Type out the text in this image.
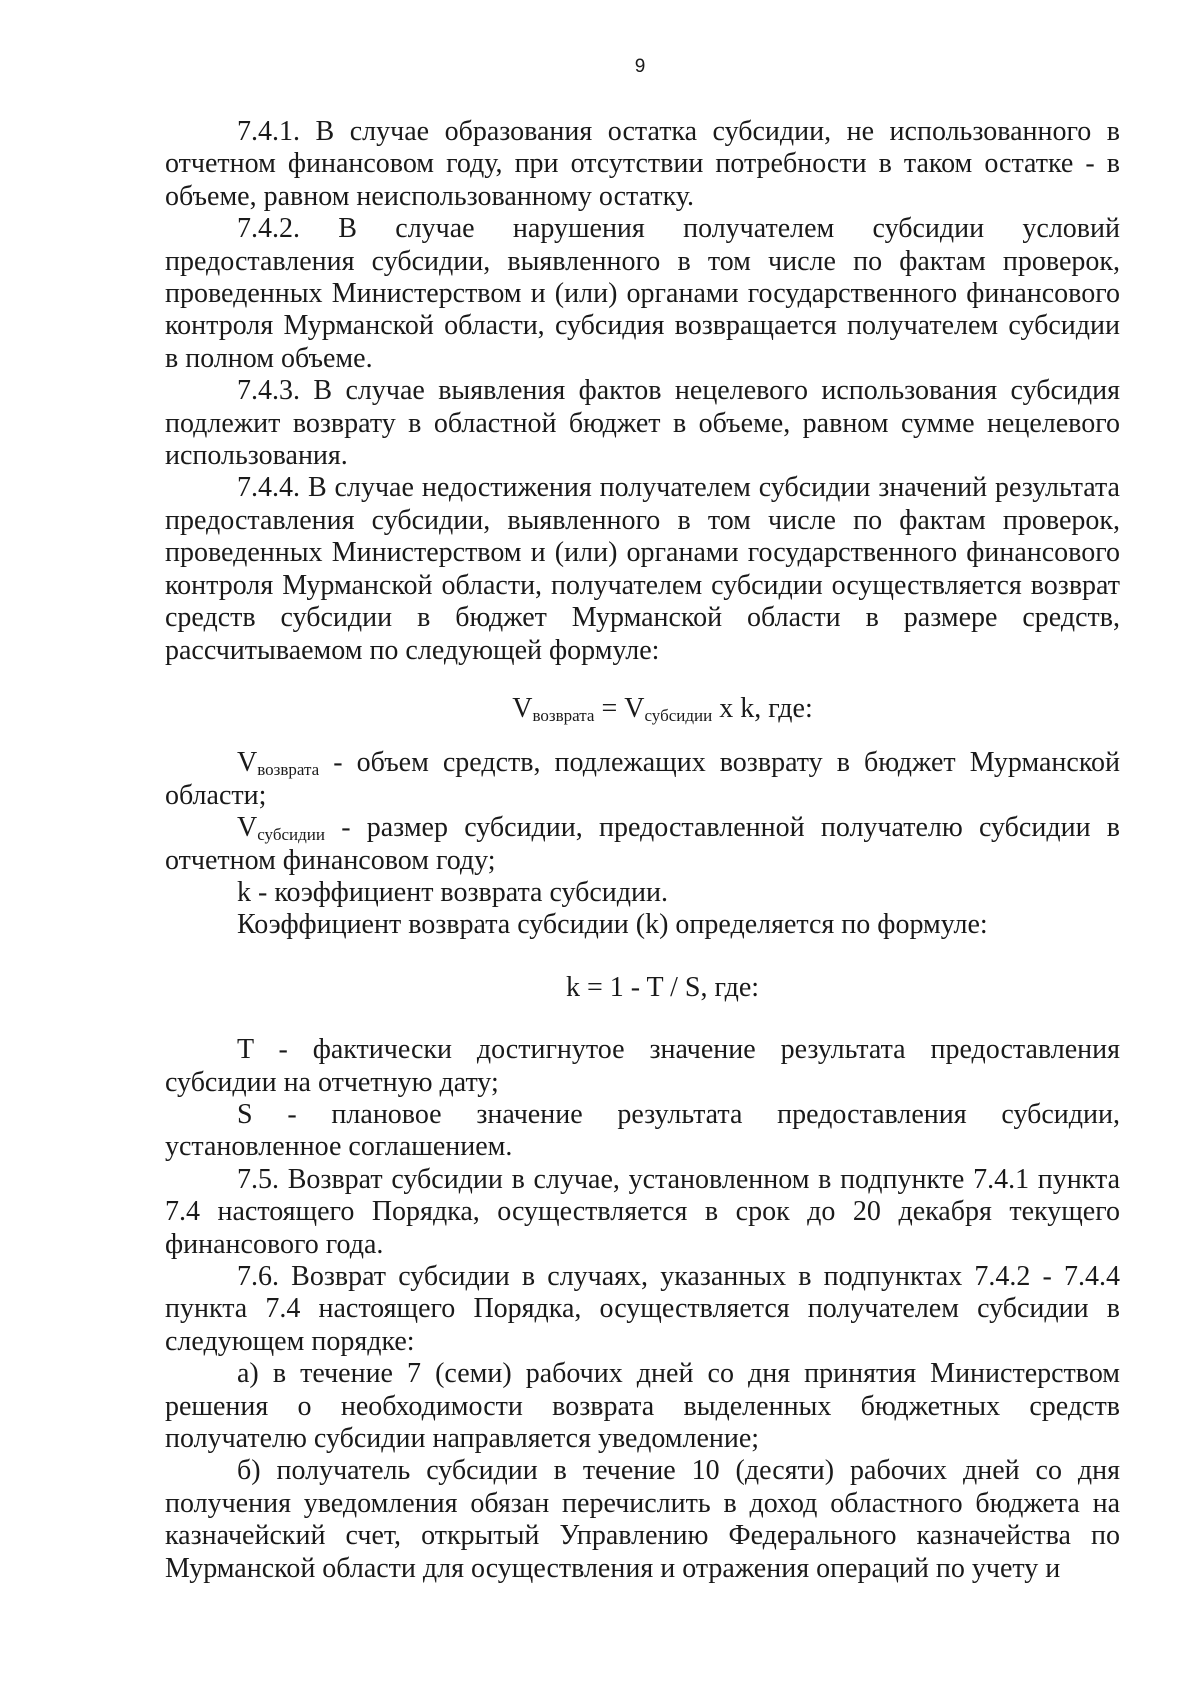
9

7.4.1. В случае образования остатка субсидии, не использованного в отчетном финансовом году, при отсутствии потребности в таком остатке - в объеме, равном неиспользованному остатку.

7.4.2. В случае нарушения получателем субсидии условий предоставления субсидии, выявленного в том числе по фактам проверок, проведенных Министерством и (или) органами государственного финансового контроля Мурманской области, субсидия возвращается получателем субсидии в полном объеме.

7.4.3. В случае выявления фактов нецелевого использования субсидия подлежит возврату в областной бюджет в объеме, равном сумме нецелевого использования.

7.4.4. В случае недостижения получателем субсидии значений результата предоставления субсидии, выявленного в том числе по фактам проверок, проведенных Министерством и (или) органами государственного финансового контроля Мурманской области, получателем субсидии осуществляется возврат средств субсидии в бюджет Мурманской области в размере средств, рассчитываемом по следующей формуле:

$V_{возврата} = V_{субсидии}$ x k, где:

$V_{возврата}$ - объем средств, подлежащих возврату в бюджет Мурманской области;

$V_{субсидии}$ - размер субсидии, предоставленной получателю субсидии в отчетном финансовом году;

k - коэффициент возврата субсидии.

Коэффициент возврата субсидии (k) определяется по формуле:

k = 1 - T / S, где:

T - фактически достигнутое значение результата предоставления субсидии на отчетную дату;

S - плановое значение результата предоставления субсидии, установленное соглашением.

7.5. Возврат субсидии в случае, установленном в подпункте 7.4.1 пункта 7.4 настоящего Порядка, осуществляется в срок до 20 декабря текущего финансового года.

7.6. Возврат субсидии в случаях, указанных в подпунктах 7.4.2 - 7.4.4 пункта 7.4 настоящего Порядка, осуществляется получателем субсидии в следующем порядке:

а) в течение 7 (семи) рабочих дней со дня принятия Министерством решения о необходимости возврата выделенных бюджетных средств получателю субсидии направляется уведомление;

б) получатель субсидии в течение 10 (десяти) рабочих дней со дня получения уведомления обязан перечислить в доход областного бюджета на казначейский счет, открытый Управлению Федерального казначейства по Мурманской области для осуществления и отражения операций по учету и
